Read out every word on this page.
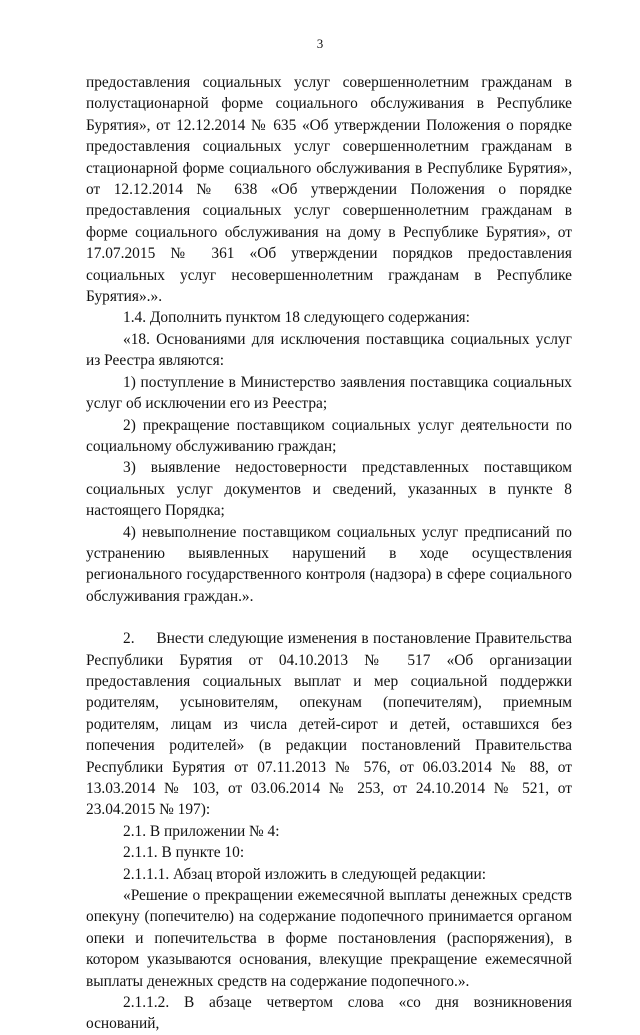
3

предоставления социальных услуг совершеннолетним гражданам в полустационарной форме социального обслуживания в Республике Бурятия», от 12.12.2014 № 635 «Об утверждении Положения о порядке предоставления социальных услуг совершеннолетним гражданам в стационарной форме социального обслуживания в Республике Бурятия», от 12.12.2014 № 638 «Об утверждении Положения о порядке предоставления социальных услуг совершеннолетним гражданам в форме социального обслуживания на дому в Республике Бурятия», от 17.07.2015 № 361 «Об утверждении порядков предоставления социальных услуг несовершеннолетним гражданам в Республике Бурятия».».

1.4. Дополнить пунктом 18 следующего содержания:

«18. Основаниями для исключения поставщика социальных услуг из Реестра являются:

1) поступление в Министерство заявления поставщика социальных услуг об исключении его из Реестра;

2) прекращение поставщиком социальных услуг деятельности по социальному обслуживанию граждан;

3) выявление недостоверности представленных поставщиком социальных услуг документов и сведений, указанных в пункте 8 настоящего Порядка;

4) невыполнение поставщиком социальных услуг предписаний по устранению выявленных нарушений в ходе осуществления регионального государственного контроля (надзора) в сфере социального обслуживания граждан.».

2.     Внести следующие изменения в постановление Правительства Республики Бурятия от 04.10.2013 № 517 «Об организации предоставления социальных выплат и мер социальной поддержки родителям, усыновителям, опекунам (попечителям), приемным родителям, лицам из числа детей-сирот и детей, оставшихся без попечения родителей» (в редакции постановлений Правительства Республики Бурятия от 07.11.2013 № 576, от 06.03.2014 № 88, от 13.03.2014 № 103, от 03.06.2014 № 253, от 24.10.2014 № 521, от 23.04.2015 № 197):

2.1. В приложении № 4:

2.1.1. В пункте 10:

2.1.1.1. Абзац второй изложить в следующей редакции:

«Решение о прекращении ежемесячной выплаты денежных средств опекуну (попечителю) на содержание подопечного принимается органом опеки и попечительства в форме постановления (распоряжения), в котором указываются основания, влекущие прекращение ежемесячной выплаты денежных средств на содержание подопечного.».

2.1.1.2. В абзаце четвертом слова «со дня возникновения оснований,
